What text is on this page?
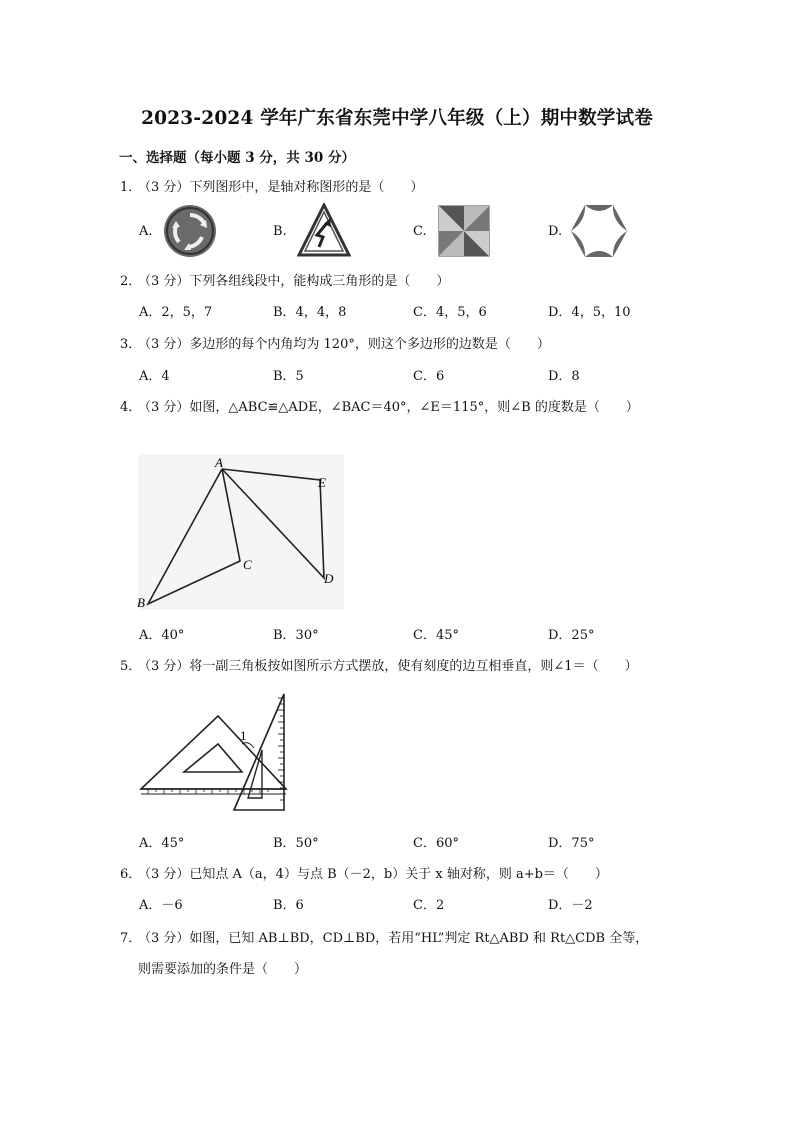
2023-2024 学年广东省东莞中学八年级（上）期中数学试卷
一、选择题（每小题 3 分，共 30 分）
1．（3 分）下列图形中，是轴对称图形的是（　　）
A.	B.	C.	D.
2．（3 分）下列各组线段中，能构成三角形的是（　　）
A．2，5，7	B．4，4，8	C．4，5，6	D．4，5，10
3．（3 分）多边形的每个内角均为 120°，则这个多边形的边数是（　　）
A．4	B．5	C．6	D．8
4．（3 分）如图，△ABC≌△ADE，∠BAC＝40°，∠E＝115°，则∠B 的度数是（　　）
A
B
C
D
E
A．40°	B．30°	C．45°	D．25°
5．（3 分）将一副三角板按如图所示方式摆放，使有刻度的边互相垂直，则∠1＝（　　）
1
A．45°	B．50°	C．60°	D．75°
6．（3 分）已知点 A（a，4）与点 B（－2，b）关于 x 轴对称，则 a+b＝（　　）
A．－6	B．6	C．2	D．－2
7．（3 分）如图，已知 AB⊥BD，CD⊥BD，若用“HL”判定 Rt△ABD 和 Rt△CDB 全等，
则需要添加的条件是（　　）
